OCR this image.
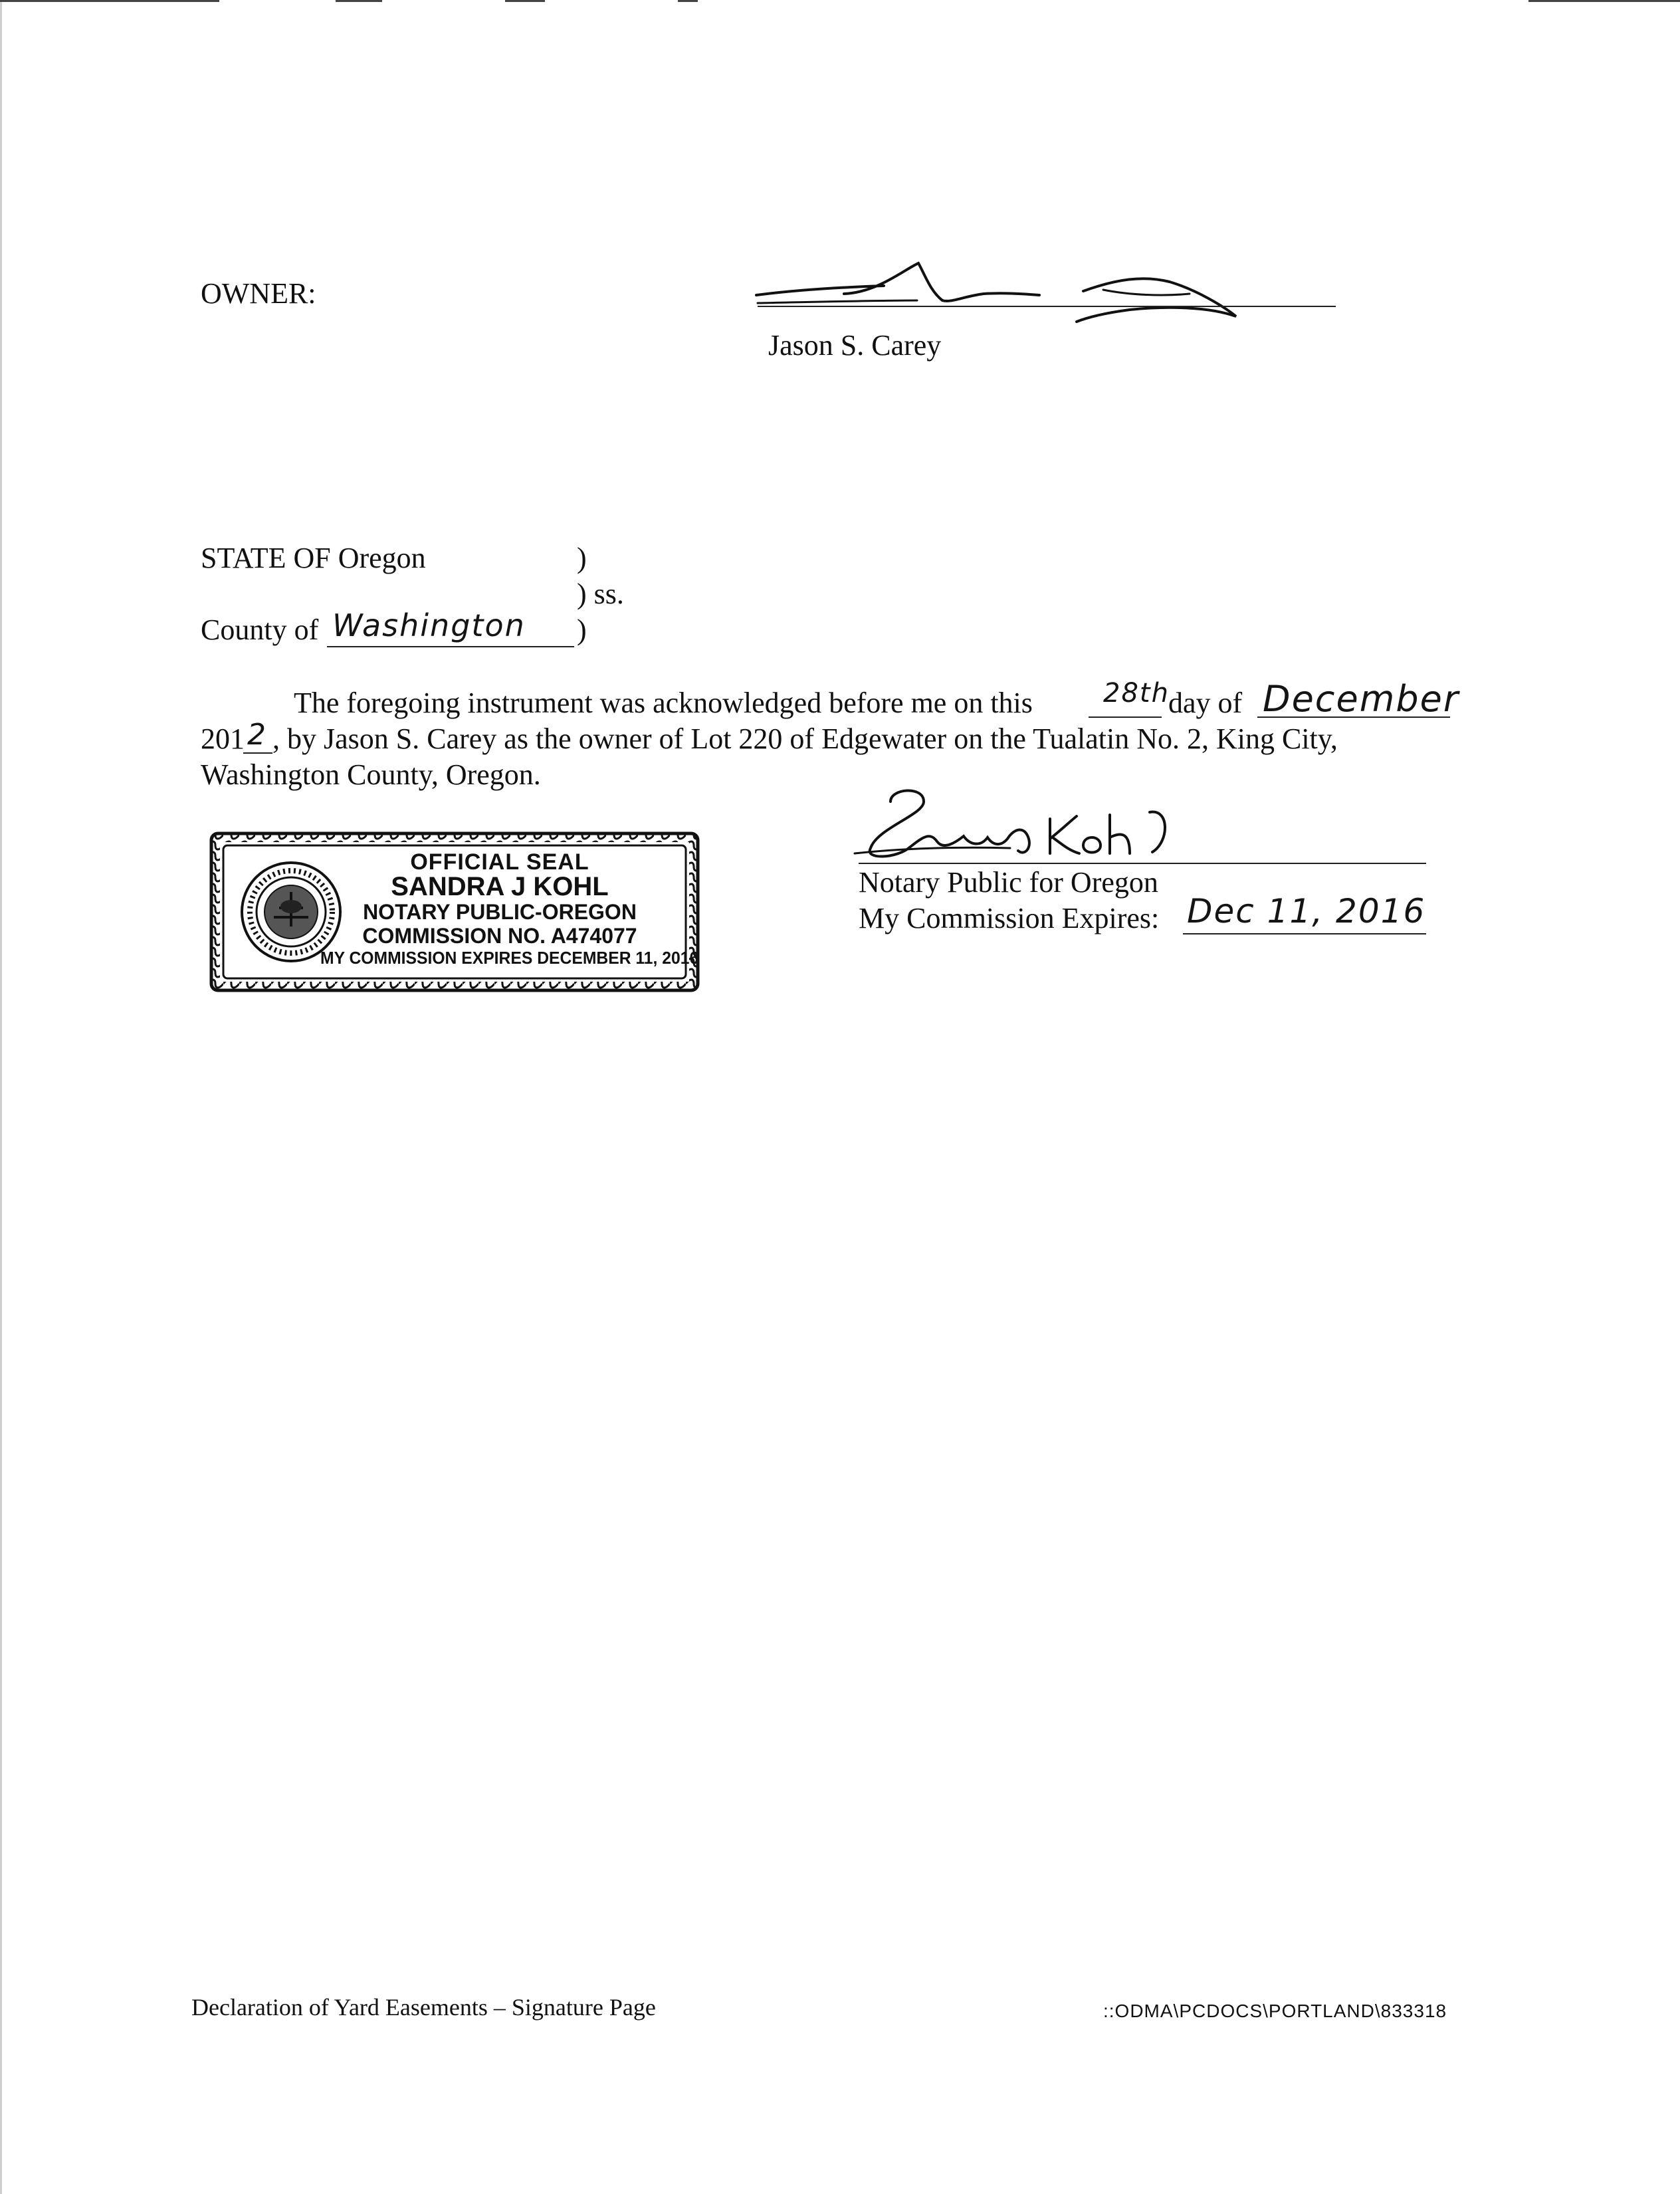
OWNER:
Jason S. Carey
STATE OF Oregon	)
) ss.
County of Washington )
The foregoing instrument was acknowledged before me on this	28th
day of December
201 2 , by Jason S. Carey as the owner of Lot 220 of Edgewater on the Tualatin No. 2, King City,
Washington County, Oregon.
OFFICIAL SEAL
SANDRA J KOHL
NOTARY PUBLIC-OREGON
COMMISSION NO. A474077
MY COMMISSION EXPIRES DECEMBER 11, 2016
Notary Public for Oregon
My Commission Expires: Dec 11, 2016
Declaration of Yard Easements – Signature Page	::ODMA\PCDOCS\PORTLAND\833318
